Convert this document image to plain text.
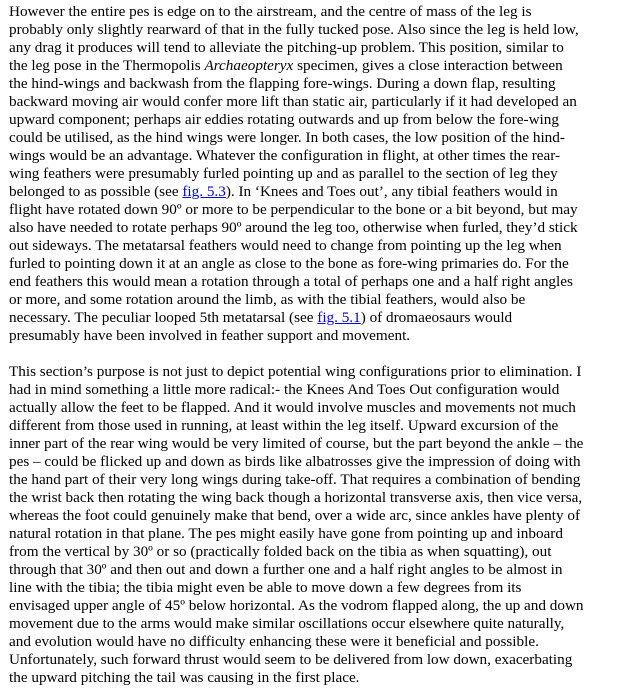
However the entire pes is edge on to the airstream, and the centre of mass of the leg is
probably only slightly rearward of that in the fully tucked pose. Also since the leg is held low,
any drag it produces will tend to alleviate the pitching-up problem. This position, similar to
the leg pose in the Thermopolis Archaeopteryx specimen, gives a close interaction between
the hind-wings and backwash from the flapping fore-wings. During a down flap, resulting
backward moving air would confer more lift than static air, particularly if it had developed an
upward component; perhaps air eddies rotating outwards and up from below the fore-wing
could be utilised, as the hind wings were longer. In both cases, the low position of the hind-
wings would be an advantage. Whatever the configuration in flight, at other times the rear-
wing feathers were presumably furled pointing up and as parallel to the section of leg they
belonged to as possible (see fig. 5.3). In ‘Knees and Toes out’, any tibial feathers would in
flight have rotated down 90º or more to be perpendicular to the bone or a bit beyond, but may
also have needed to rotate perhaps 90º around the leg too, otherwise when furled, they’d stick
out sideways. The metatarsal feathers would need to change from pointing up the leg when
furled to pointing down it at an angle as close to the bone as fore-wing primaries do. For the
end feathers this would mean a rotation through a total of perhaps one and a half right angles
or more, and some rotation around the limb, as with the tibial feathers, would also be
necessary. The peculiar looped 5th metatarsal (see fig. 5.1) of dromaeosaurs would
presumably have been involved in feather support and movement.

This section’s purpose is not just to depict potential wing configurations prior to elimination. I
had in mind something a little more radical:- the Knees And Toes Out configuration would
actually allow the feet to be flapped. And it would involve muscles and movements not much
different from those used in running, at least within the leg itself. Upward excursion of the
inner part of the rear wing would be very limited of course, but the part beyond the ankle – the
pes – could be flicked up and down as birds like albatrosses give the impression of doing with
the hand part of their very long wings during take-off. That requires a combination of bending
the wrist back then rotating the wing back though a horizontal transverse axis, then vice versa,
whereas the foot could genuinely make that bend, over a wide arc, since ankles have plenty of
natural rotation in that plane. The pes might easily have gone from pointing up and inboard
from the vertical by 30º or so (practically folded back on the tibia as when squatting), out
through that 30º and then out and down a further one and a half right angles to be almost in
line with the tibia; the tibia might even be able to move down a few degrees from its
envisaged upper angle of 45º below horizontal. As the vodrom flapped along, the up and down
movement due to the arms would make similar oscillations occur elsewhere quite naturally,
and evolution would have no difficulty enhancing these were it beneficial and possible.
Unfortunately, such forward thrust would seem to be delivered from low down, exacerbating
the upward pitching the tail was causing in the first place.
